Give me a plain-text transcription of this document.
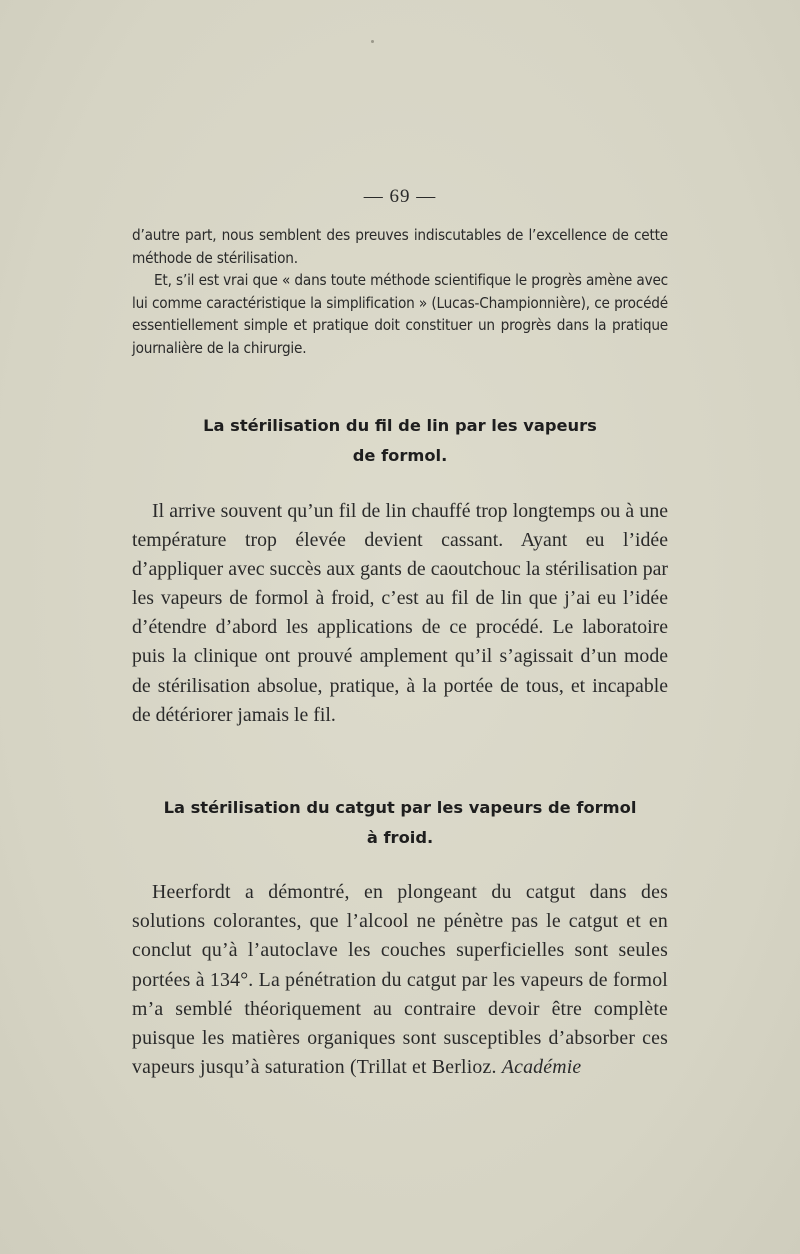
— 69 —

d’autre part, nous semblent des preuves indiscutables de l’excellence de cette méthode de stérilisation.

Et, s’il est vrai que « dans toute méthode scientifique le progrès amène avec lui comme caractéristique la simplification » (Lucas-Championnière), ce procédé essentiellement simple et pratique doit constituer un progrès dans la pratique journalière de la chirurgie.

La stérilisation du fil de lin par les vapeurs
de formol.

Il arrive souvent qu’un fil de lin chauffé trop longtemps ou à une température trop élevée devient cassant. Ayant eu l’idée d’appliquer avec succès aux gants de caoutchouc la stérilisation par les vapeurs de formol à froid, c’est au fil de lin que j’ai eu l’idée d’étendre d’abord les applications de ce procédé. Le laboratoire puis la clinique ont prouvé amplement qu’il s’agissait d’un mode de stérilisation absolue, pratique, à la portée de tous, et incapable de détériorer jamais le fil.

La stérilisation du catgut par les vapeurs de formol
à froid.

Heerfordt a démontré, en plongeant du catgut dans des solutions colorantes, que l’alcool ne pénètre pas le catgut et en conclut qu’à l’autoclave les couches superficielles sont seules portées à 134°. La pénétration du catgut par les vapeurs de formol m’a semblé théoriquement au contraire devoir être complète puisque les matières organiques sont susceptibles d’absorber ces vapeurs jusqu’à saturation (Trillat et Berlioz. Académie
